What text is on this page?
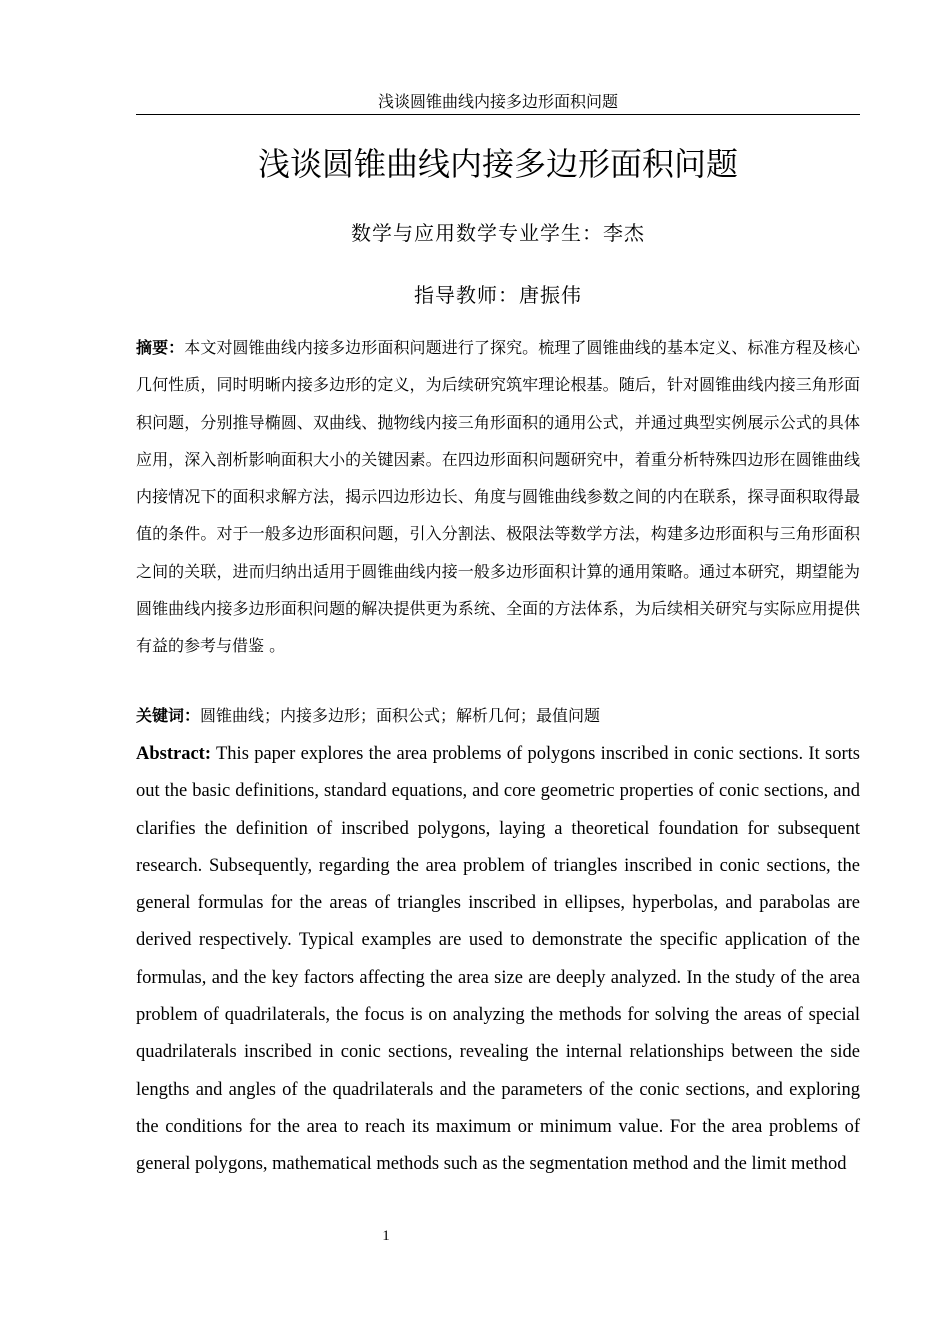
浅谈圆锥曲线内接多边形面积问题
浅谈圆锥曲线内接多边形面积问题
数学与应用数学专业学生：李杰
指导教师：唐振伟

摘要：本文对圆锥曲线内接多边形面积问题进行了探究。梳理了圆锥曲线的基本定义、标准方程及核心几何性质，同时明晰内接多边形的定义，为后续研究筑牢理论根基。随后，针对圆锥曲线内接三角形面积问题，分别推导椭圆、双曲线、抛物线内接三角形面积的通用公式，并通过典型实例展示公式的具体应用，深入剖析影响面积大小的关键因素。在四边形面积问题研究中，着重分析特殊四边形在圆锥曲线内接情况下的面积求解方法，揭示四边形边长、角度与圆锥曲线参数之间的内在联系，探寻面积取得最值的条件。对于一般多边形面积问题，引入分割法、极限法等数学方法，构建多边形面积与三角形面积之间的关联，进而归纳出适用于圆锥曲线内接一般多边形面积计算的通用策略。通过本研究，期望能为圆锥曲线内接多边形面积问题的解决提供更为系统、全面的方法体系，为后续相关研究与实际应用提供有益的参考与借鉴 。

关键词：圆锥曲线；内接多边形；面积公式；解析几何；最值问题

Abstract: This paper explores the area problems of polygons inscribed in conic sections. It sorts out the basic definitions, standard equations, and core geometric properties of conic sections, and clarifies the definition of inscribed polygons, laying a theoretical foundation for subsequent research. Subsequently, regarding the area problem of triangles inscribed in conic sections, the general formulas for the areas of triangles inscribed in ellipses, hyperbolas, and parabolas are derived respectively. Typical examples are used to demonstrate the specific application of the formulas, and the key factors affecting the area size are deeply analyzed. In the study of the area problem of quadrilaterals, the focus is on analyzing the methods for solving the areas of special quadrilaterals inscribed in conic sections, revealing the internal relationships between the side lengths and angles of the quadrilaterals and the parameters of the conic sections, and exploring the conditions for the area to reach its maximum or minimum value. For the area problems of general polygons, mathematical methods such as the segmentation method and the limit method

1
